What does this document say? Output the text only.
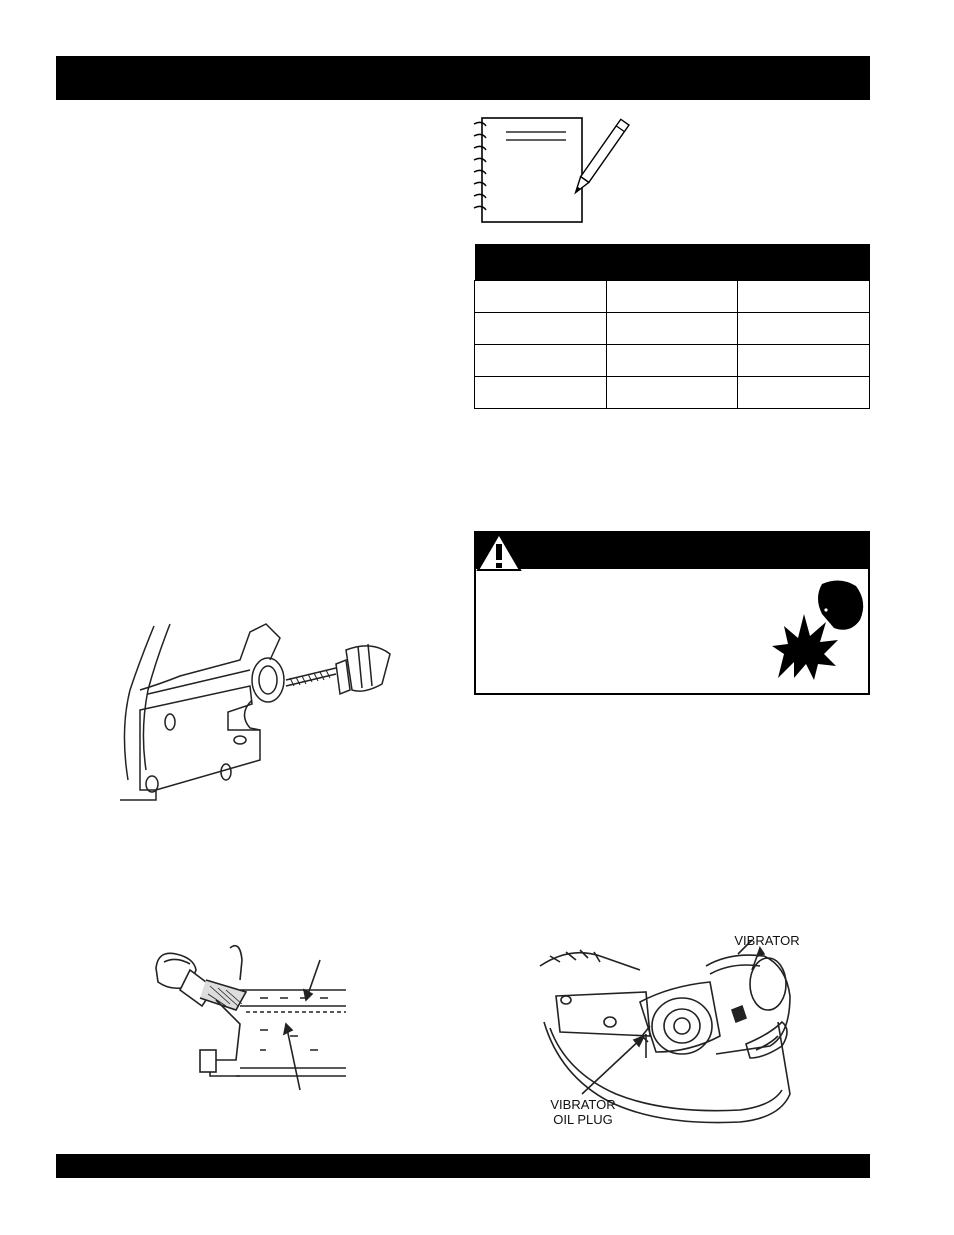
VIBRATOR
VIBRATOR
OIL PLUG
